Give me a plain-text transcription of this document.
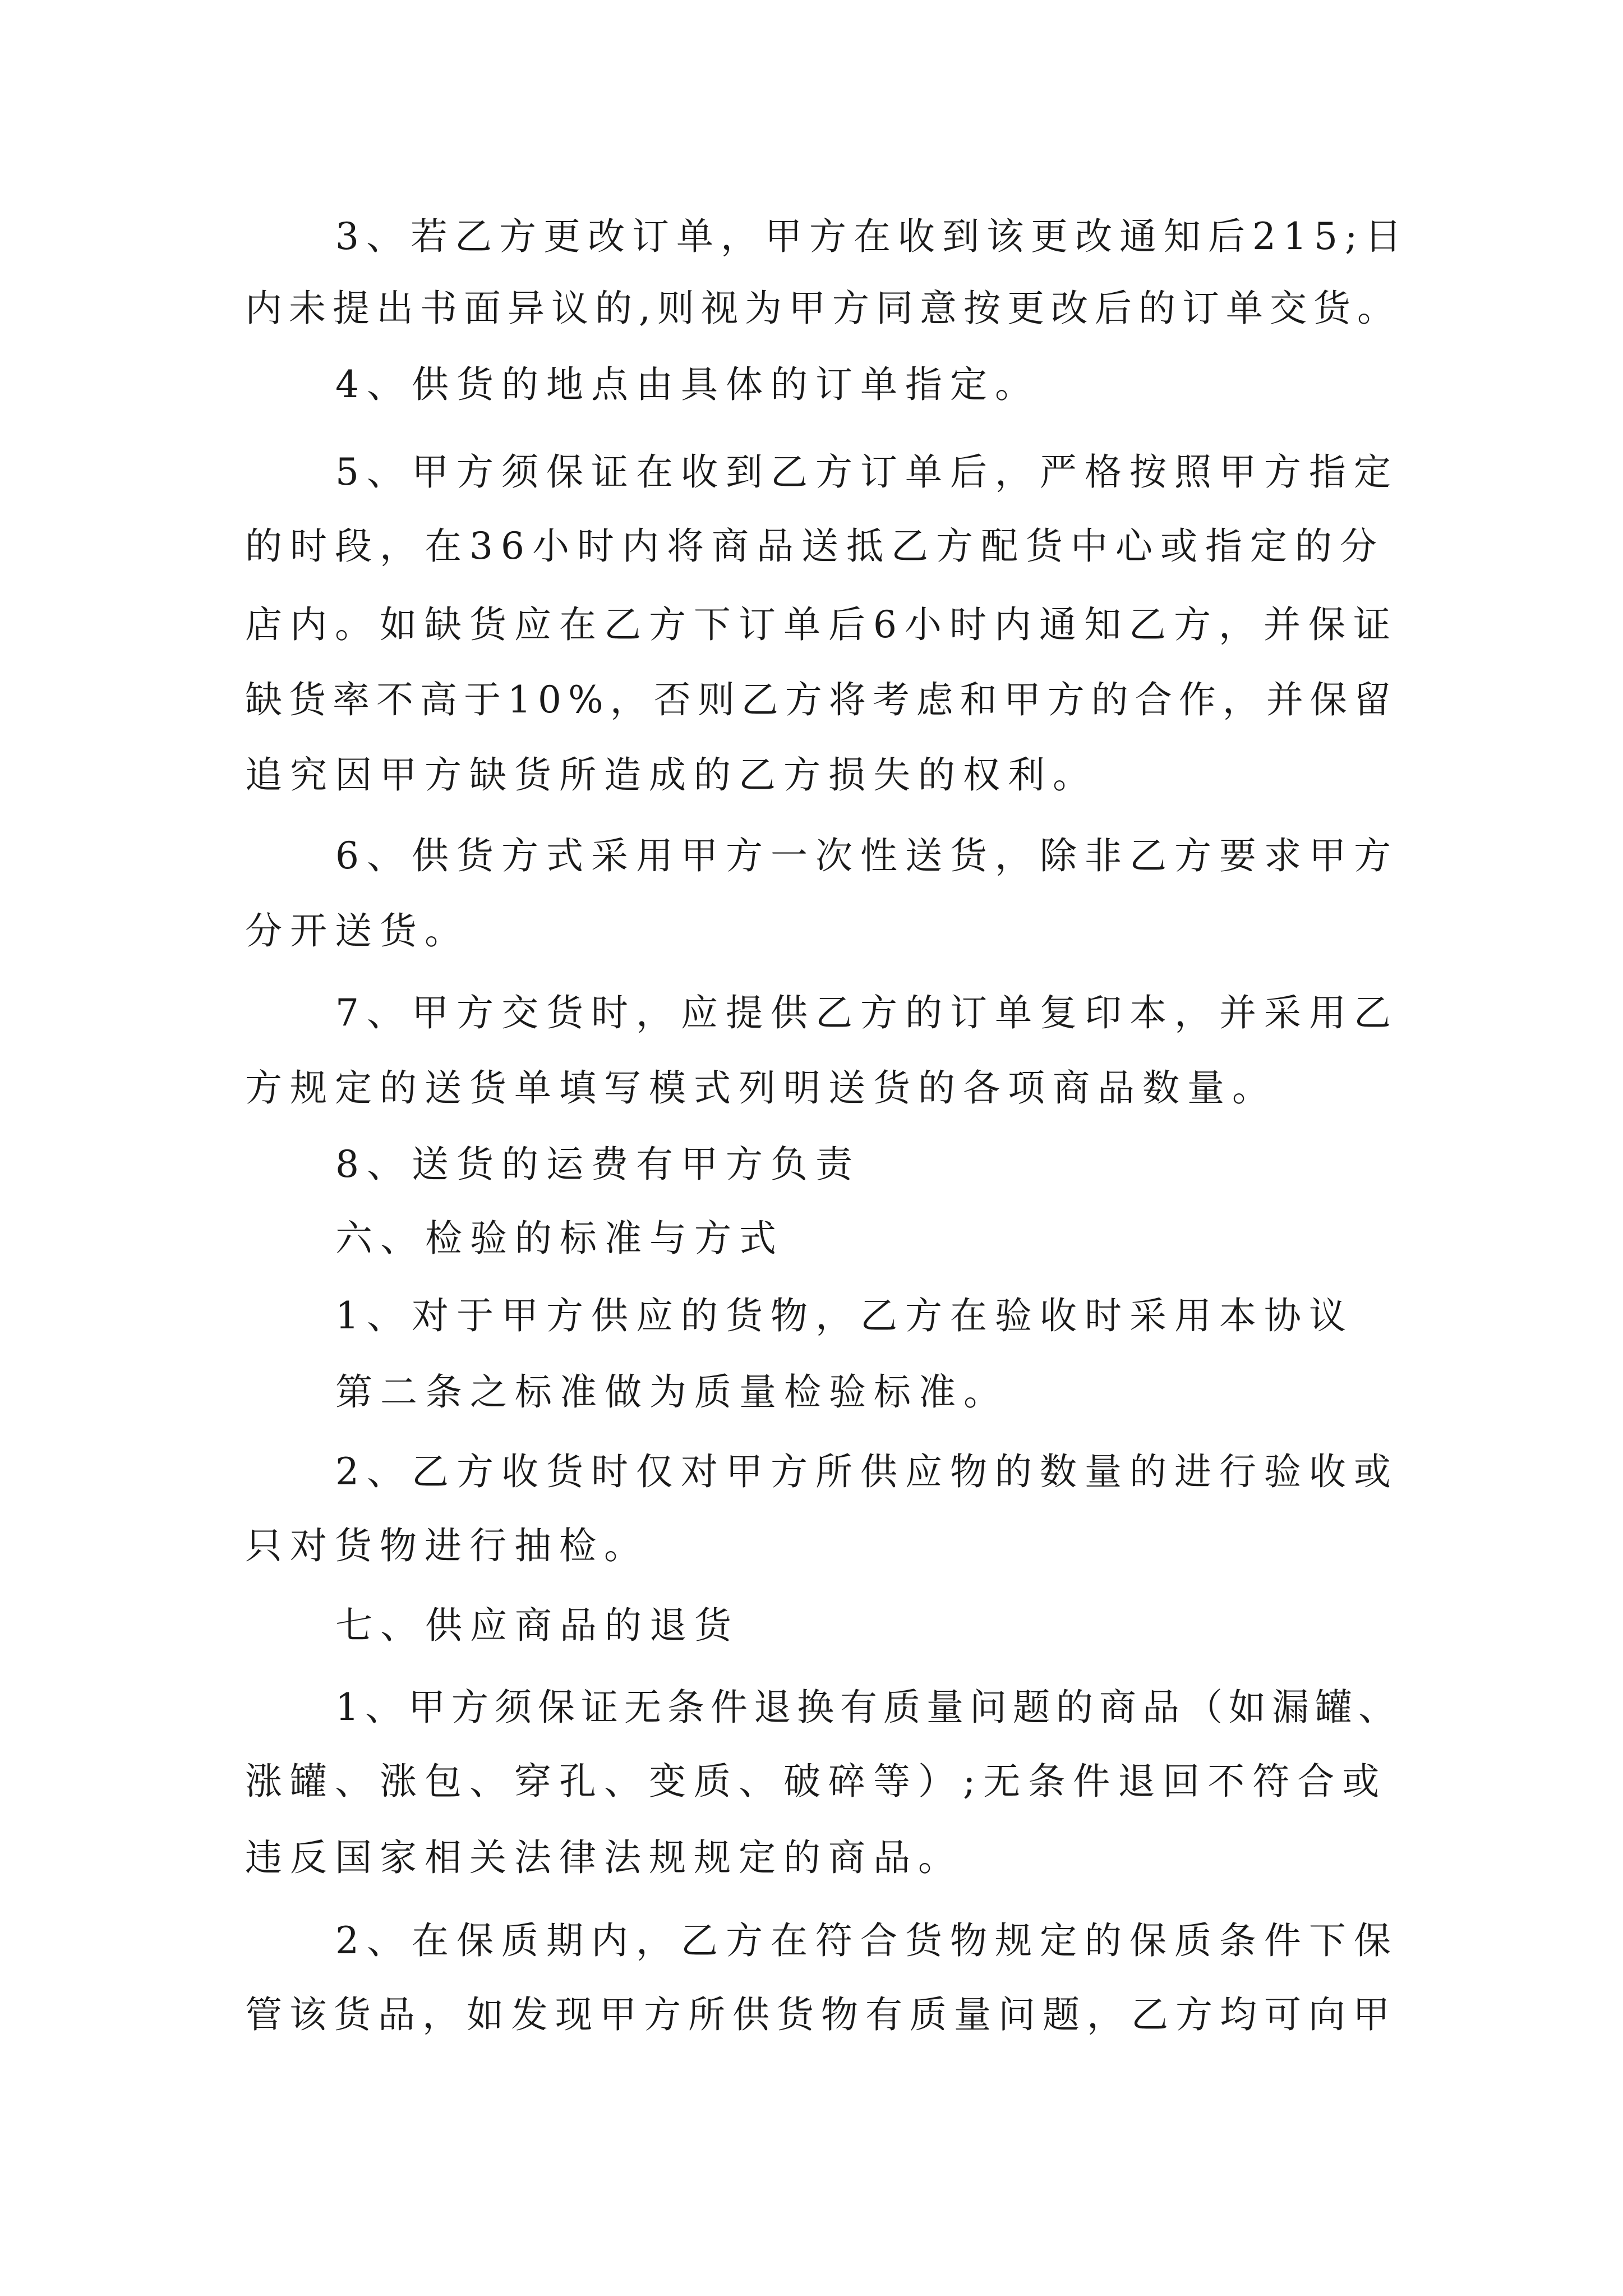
3、若乙方更改订单，甲方在收到该更改通知后215;日
内未提出书面异议的,则视为甲方同意按更改后的订单交货。
4、供货的地点由具体的订单指定。
5、甲方须保证在收到乙方订单后，严格按照甲方指定
的时段，在36小时内将商品送抵乙方配货中心或指定的分
店内。如缺货应在乙方下订单后6小时内通知乙方，并保证
缺货率不高于10%，否则乙方将考虑和甲方的合作，并保留
追究因甲方缺货所造成的乙方损失的权利。
6、供货方式采用甲方一次性送货，除非乙方要求甲方
分开送货。
7、甲方交货时，应提供乙方的订单复印本，并采用乙
方规定的送货单填写模式列明送货的各项商品数量。
8、送货的运费有甲方负责
六、检验的标准与方式
1、对于甲方供应的货物，乙方在验收时采用本协议
第二条之标准做为质量检验标准。
2、乙方收货时仅对甲方所供应物的数量的进行验收或
只对货物进行抽检。
七、供应商品的退货
1、甲方须保证无条件退换有质量问题的商品（如漏罐、
涨罐、涨包、穿孔、变质、破碎等）;无条件退回不符合或
违反国家相关法律法规规定的商品。
2、在保质期内，乙方在符合货物规定的保质条件下保
管该货品，如发现甲方所供货物有质量问题，乙方均可向甲
